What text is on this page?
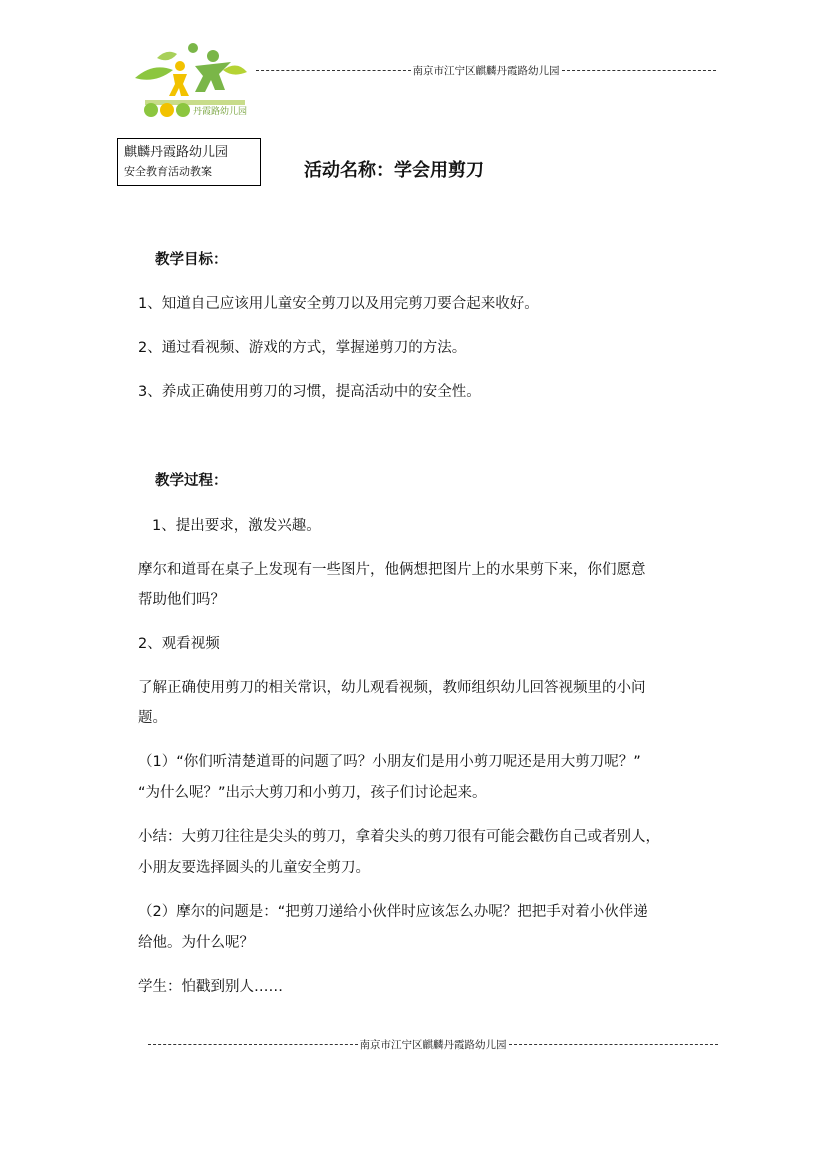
丹霞路幼儿园
南京市江宁区麒麟丹霞路幼儿园
麒麟丹霞路幼儿园
安全教育活动教案	活动名称：学会用剪刀
教学目标：
1、知道自己应该用儿童安全剪刀以及用完剪刀要合起来收好。
2、通过看视频、游戏的方式，掌握递剪刀的方法。
3、养成正确使用剪刀的习惯，提高活动中的安全性。
教学过程：
1、提出要求，激发兴趣。
摩尔和道哥在桌子上发现有一些图片，他俩想把图片上的水果剪下来，你们愿意
帮助他们吗？
2、观看视频
了解正确使用剪刀的相关常识，幼儿观看视频，教师组织幼儿回答视频里的小问
题。
（1）“你们听清楚道哥的问题了吗？小朋友们是用小剪刀呢还是用大剪刀呢？”
“为什么呢？”出示大剪刀和小剪刀，孩子们讨论起来。
小结：大剪刀往往是尖头的剪刀，拿着尖头的剪刀很有可能会戳伤自己或者别人，
小朋友要选择圆头的儿童安全剪刀。
（2）摩尔的问题是：“把剪刀递给小伙伴时应该怎么办呢？把把手对着小伙伴递
给他。为什么呢？
学生：怕戳到别人……
南京市江宁区麒麟丹霞路幼儿园
